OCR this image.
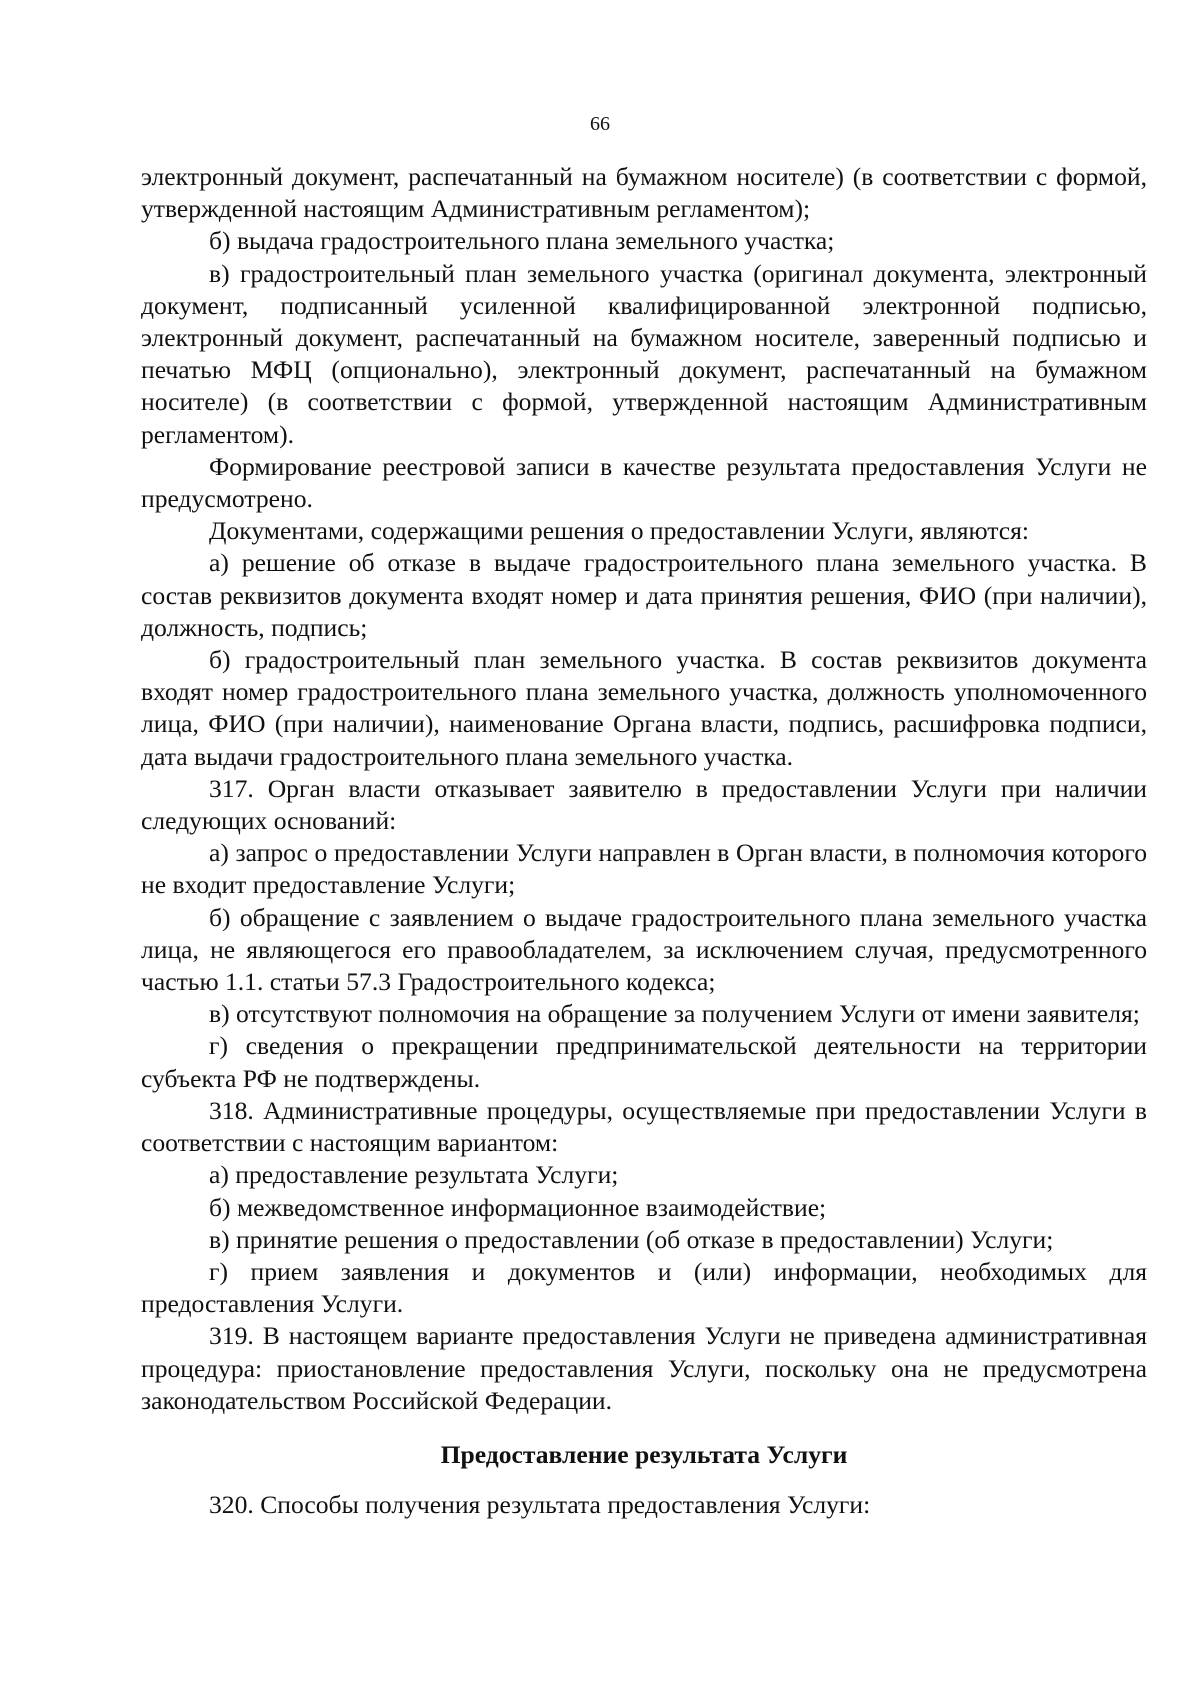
66

электронный документ, распечатанный на бумажном носителе) (в соответствии с формой, утвержденной настоящим Административным регламентом);

б) выдача градостроительного плана земельного участка;

в) градостроительный план земельного участка (оригинал документа, электронный документ, подписанный усиленной квалифицированной электронной подписью, электронный документ, распечатанный на бумажном носителе, заверенный подписью и печатью МФЦ (опционально), электронный документ, распечатанный на бумажном носителе) (в соответствии с формой, утвержденной настоящим Административным регламентом).

Формирование реестровой записи в качестве результата предоставления Услуги не предусмотрено.

Документами, содержащими решения о предоставлении Услуги, являются:

а) решение об отказе в выдаче градостроительного плана земельного участка. В состав реквизитов документа входят номер и дата принятия решения, ФИО (при наличии), должность, подпись;

б) градостроительный план земельного участка. В состав реквизитов документа входят номер градостроительного плана земельного участка, должность уполномоченного лица, ФИО (при наличии), наименование Органа власти, подпись, расшифровка подписи, дата выдачи градостроительного плана земельного участка.

317. Орган власти отказывает заявителю в предоставлении Услуги при наличии следующих оснований:

а) запрос о предоставлении Услуги направлен в Орган власти, в полномочия которого не входит предоставление Услуги;

б) обращение с заявлением о выдаче градостроительного плана земельного участка лица, не являющегося его правообладателем, за исключением случая, предусмотренного частью 1.1. статьи 57.3 Градостроительного кодекса;

в) отсутствуют полномочия на обращение за получением Услуги от имени заявителя;

г) сведения о прекращении предпринимательской деятельности на территории субъекта РФ не подтверждены.

318. Административные процедуры, осуществляемые при предоставлении Услуги в соответствии с настоящим вариантом:

а) предоставление результата Услуги;

б) межведомственное информационное взаимодействие;

в) принятие решения о предоставлении (об отказе в предоставлении) Услуги;

г) прием заявления и документов и (или) информации, необходимых для предоставления Услуги.

319. В настоящем варианте предоставления Услуги не приведена административная процедура: приостановление предоставления Услуги, поскольку она не предусмотрена законодательством Российской Федерации.

Предоставление результата Услуги

320. Способы получения результата предоставления Услуги:
